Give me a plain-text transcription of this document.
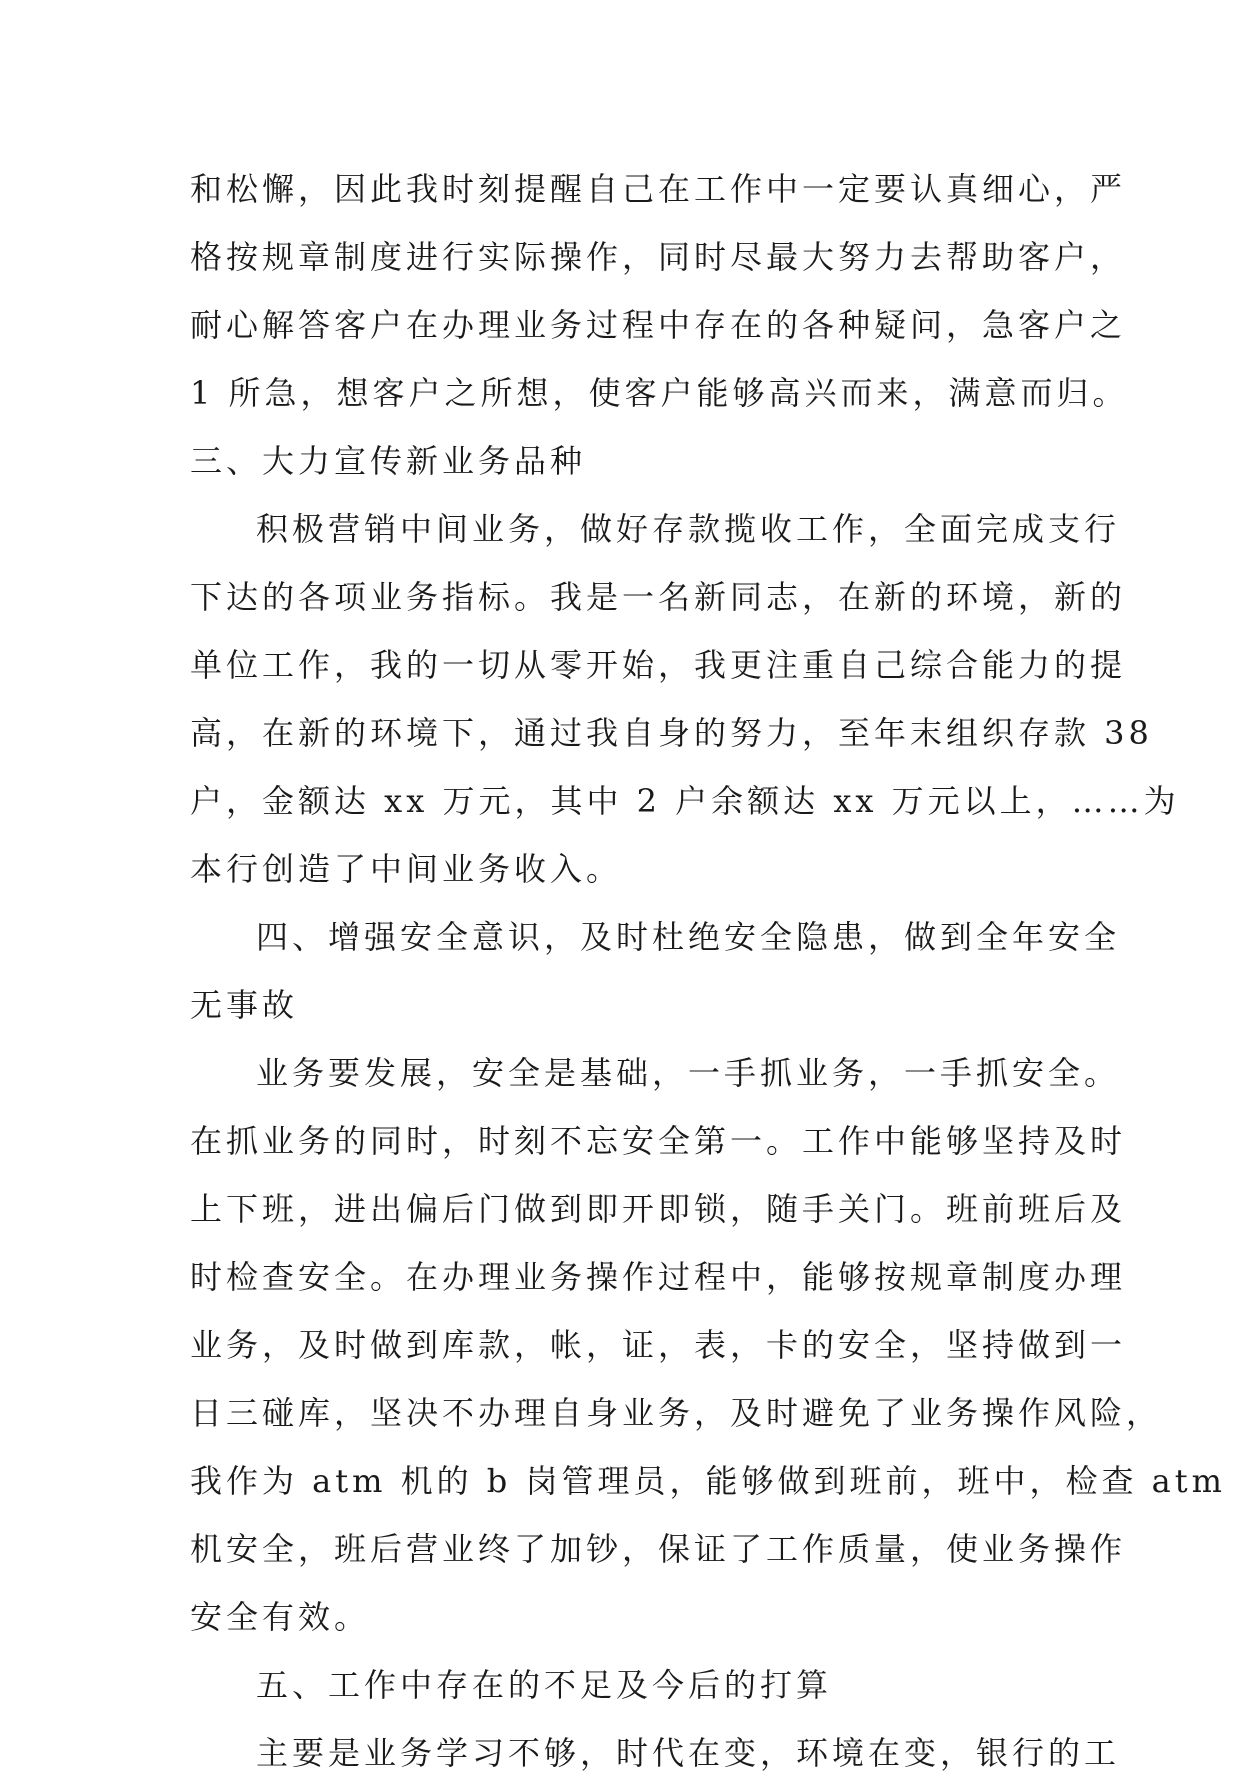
和松懈，因此我时刻提醒自己在工作中一定要认真细心，严
格按规章制度进行实际操作，同时尽最大努力去帮助客户，
耐心解答客户在办理业务过程中存在的各种疑问，急客户之
1 所急，想客户之所想，使客户能够高兴而来，满意而归。
三、大力宣传新业务品种
积极营销中间业务，做好存款揽收工作，全面完成支行
下达的各项业务指标。我是一名新同志，在新的环境，新的
单位工作，我的一切从零开始，我更注重自己综合能力的提
高，在新的环境下，通过我自身的努力，至年末组织存款 38
户，金额达 xx 万元，其中 2 户余额达 xx 万元以上，……为
本行创造了中间业务收入。
四、增强安全意识，及时杜绝安全隐患，做到全年安全
无事故
业务要发展，安全是基础，一手抓业务，一手抓安全。
在抓业务的同时，时刻不忘安全第一。工作中能够坚持及时
上下班，进出偏后门做到即开即锁，随手关门。班前班后及
时检查安全。在办理业务操作过程中，能够按规章制度办理
业务，及时做到库款，帐，证，表，卡的安全，坚持做到一
日三碰库，坚决不办理自身业务，及时避免了业务操作风险，
我作为 atm 机的 b 岗管理员，能够做到班前，班中，检查 atm
机安全，班后营业终了加钞，保证了工作质量，使业务操作
安全有效。
五、工作中存在的不足及今后的打算
主要是业务学习不够，时代在变，环境在变，银行的工
